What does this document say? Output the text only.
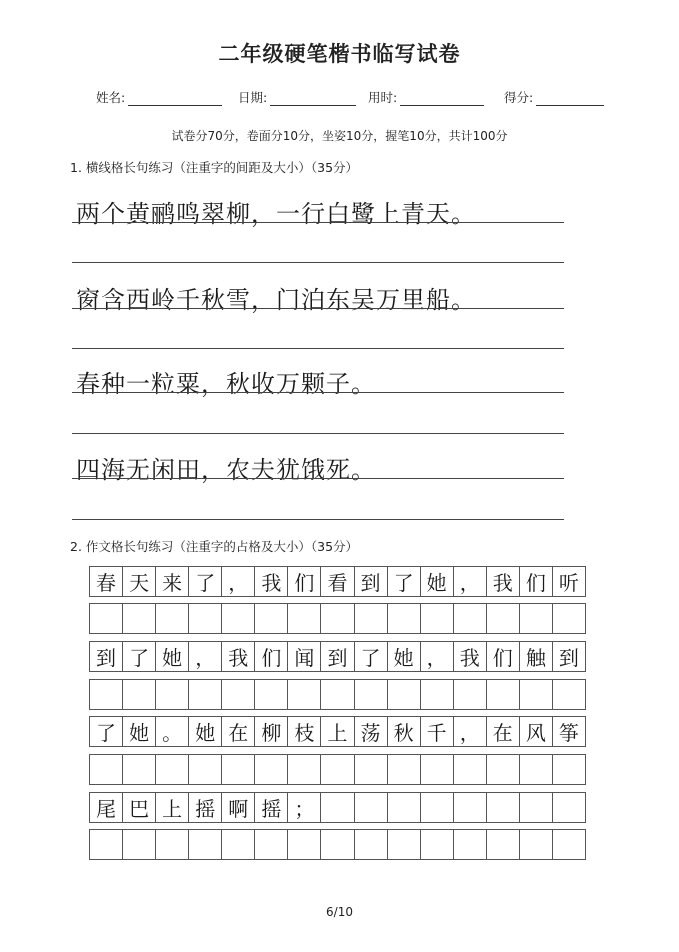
二年级硬笔楷书临写试卷
姓名:	日期:	用时:	得分:
试卷分70分，卷面分10分，坐姿10分，握笔10分，共计100分
1. 横线格长句练习（注重字的间距及大小）（35分）
两个黄鹂鸣翠柳，一行白鹭上青天。
窗含西岭千秋雪，门泊东吴万里船。
春种一粒粟，秋收万颗子。
四海无闲田，农夫犹饿死。
2. 作文格长句练习（注重字的占格及大小）（35分）
春 天 来 了 ， 我 们 看 到 了 她 ， 我 们 听
到 了 她 ， 我 们 闻 到 了 她 ， 我 们 触 到
了 她 。 她 在 柳 枝 上 荡 秋 千 ， 在 风 筝
尾 巴 上 摇 啊 摇 ；
6/10
